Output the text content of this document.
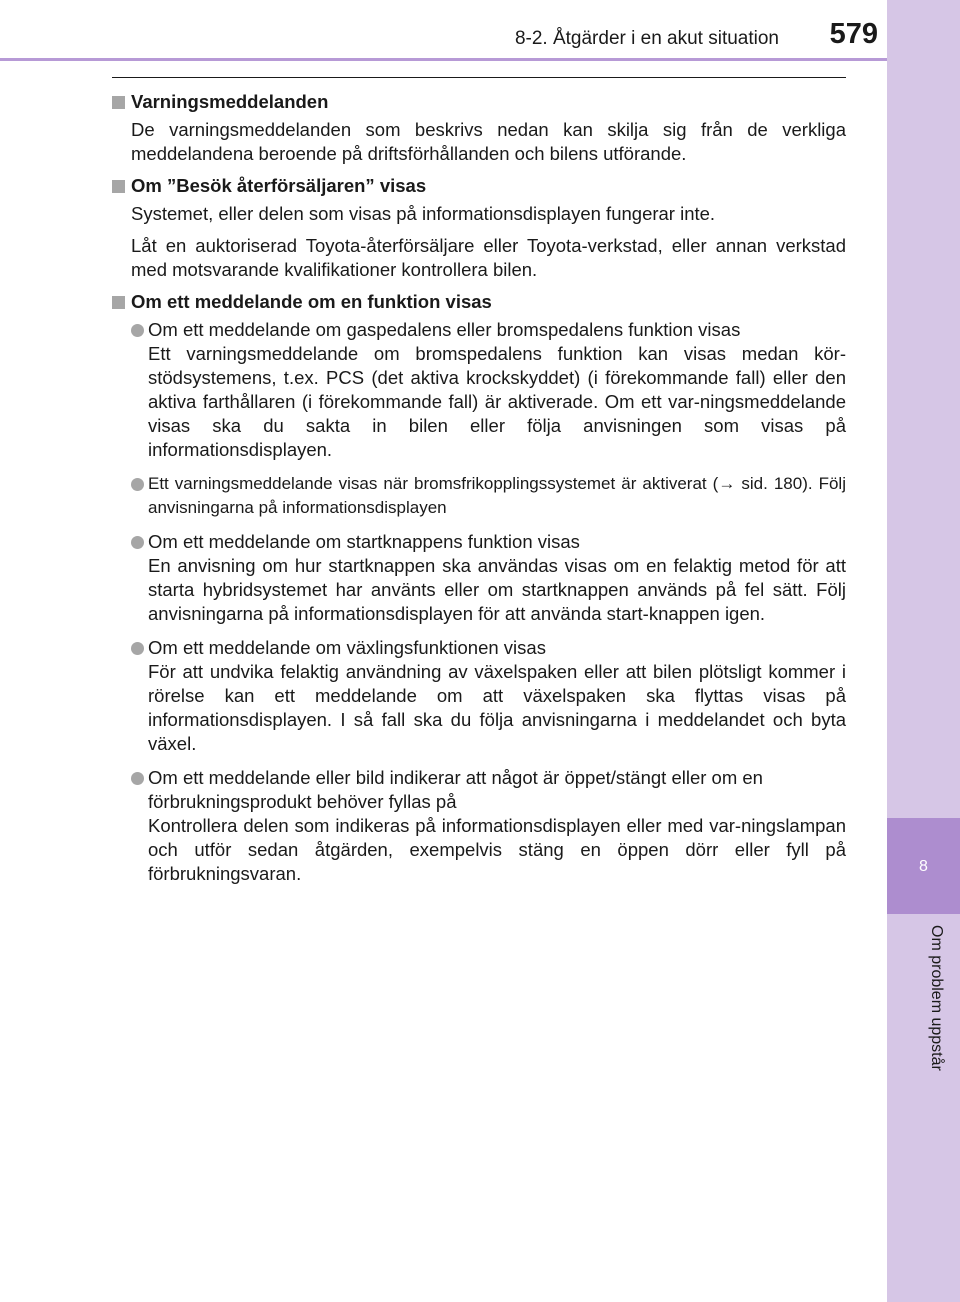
8
Om problem uppstår
8-2. Åtgärder i en akut situation 579
Varningsmeddelanden
De varningsmeddelanden som beskrivs nedan kan skilja sig från de verkliga meddelandena beroende på driftsförhållanden och bilens utförande.
Om ”Besök återförsäljaren” visas
Systemet, eller delen som visas på informationsdisplayen fungerar inte.
Låt en auktoriserad Toyota-återförsäljare eller Toyota-verkstad, eller annan verkstad med motsvarande kvalifikationer kontrollera bilen.
Om ett meddelande om en funktion visas
Om ett meddelande om gaspedalens eller bromspedalens funktion visas
Ett varningsmeddelande om bromspedalens funktion kan visas medan kör-stödsystemens, t.ex. PCS (det aktiva krockskyddet) (i förekommande fall) eller den aktiva farthållaren (i förekommande fall) är aktiverade. Om ett var-ningsmeddelande visas ska du sakta in bilen eller följa anvisningen som visas på informationsdisplayen.
Ett varningsmeddelande visas när bromsfrikopplingssystemet är aktiverat (→ sid. 180). Följ anvisningarna på informationsdisplayen
Om ett meddelande om startknappens funktion visas
En anvisning om hur startknappen ska användas visas om en felaktig metod för att starta hybridsystemet har använts eller om startknappen används på fel sätt. Följ anvisningarna på informationsdisplayen för att använda start-knappen igen.
Om ett meddelande om växlingsfunktionen visas
För att undvika felaktig användning av växelspaken eller att bilen plötsligt kommer i rörelse kan ett meddelande om att växelspaken ska flyttas visas på informationsdisplayen. I så fall ska du följa anvisningarna i meddelandet och byta växel.
Om ett meddelande eller bild indikerar att något är öppet/stängt eller om en förbrukningsprodukt behöver fyllas på
Kontrollera delen som indikeras på informationsdisplayen eller med var-ningslampan och utför sedan åtgärden, exempelvis stäng en öppen dörr eller fyll på förbrukningsvaran.
